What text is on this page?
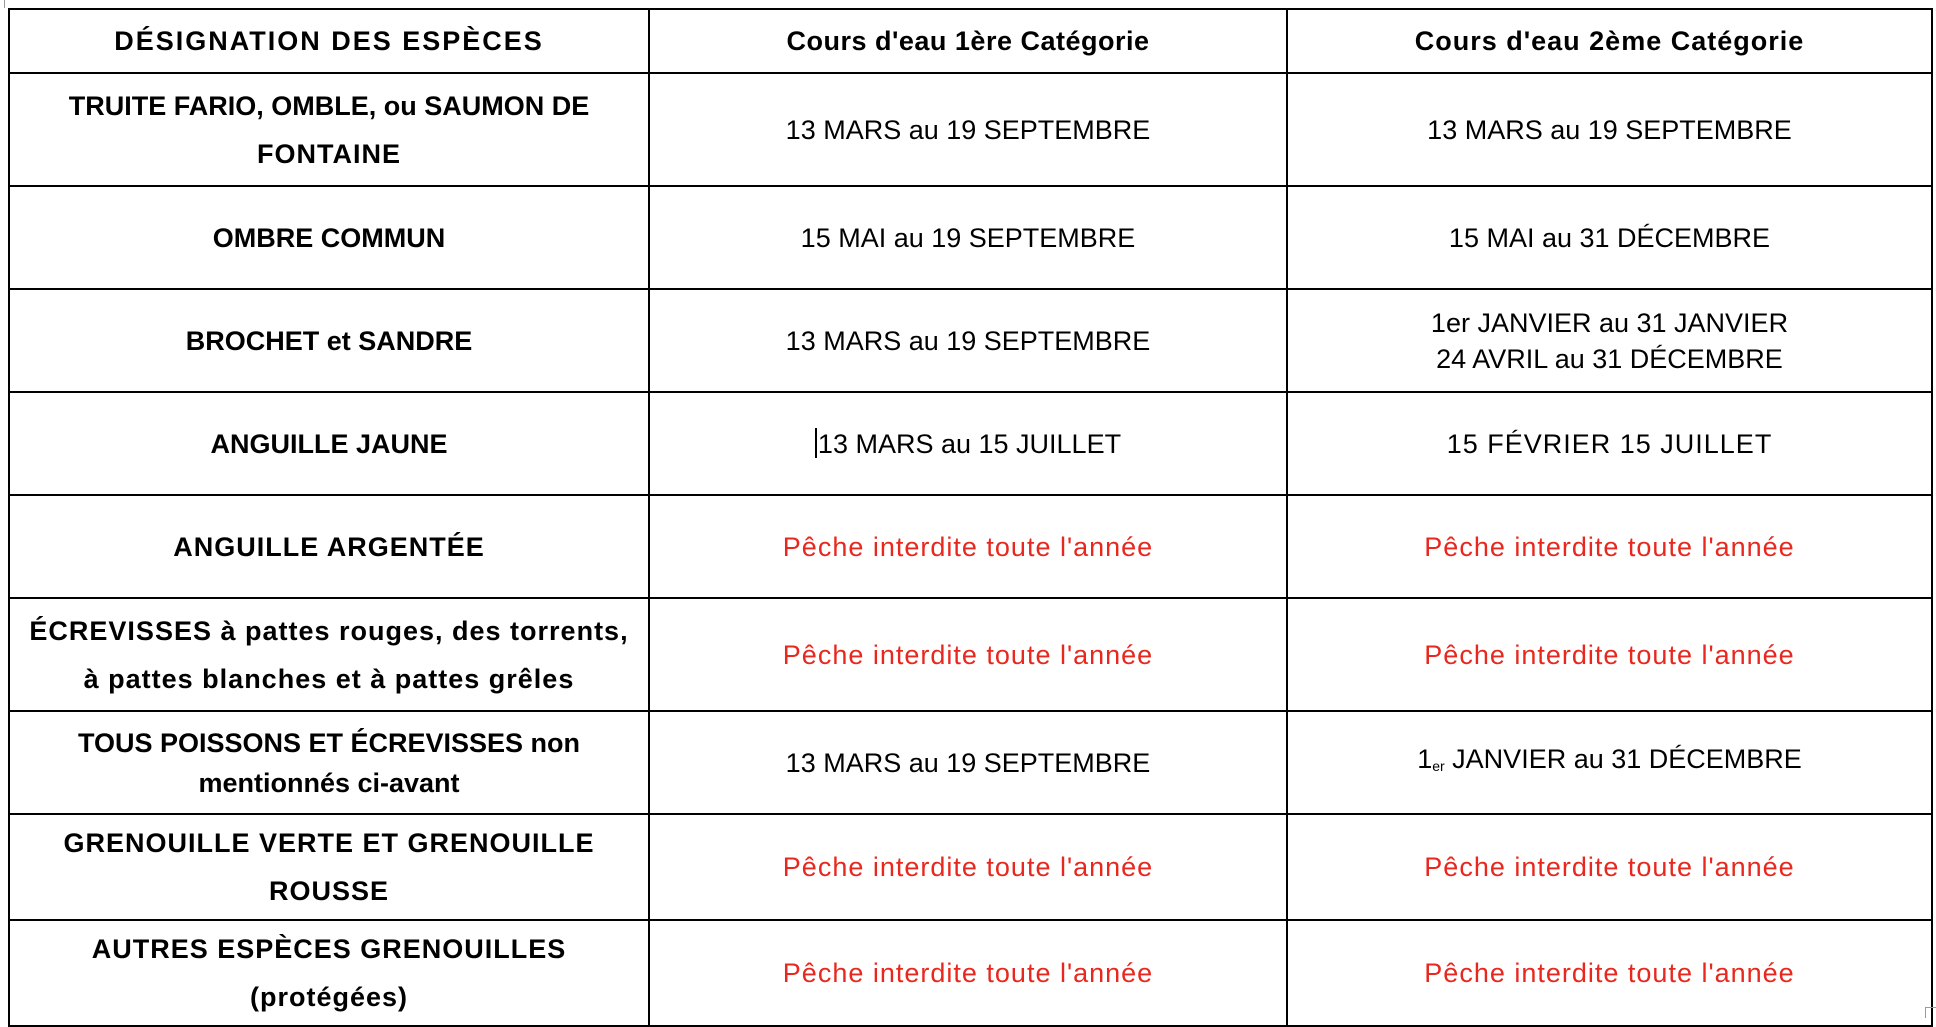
DÉSIGNATION DES ESPÈCES	Cours d'eau 1ère Catégorie	Cours d'eau 2ème Catégorie

TRUITE FARIO, OMBLE, ou SAUMON DE
FONTAINE	13 MARS au 19 SEPTEMBRE	13 MARS au 19 SEPTEMBRE
OMBRE COMMUN	15 MAI au 19 SEPTEMBRE	15 MAI au 31 DÉCEMBRE
BROCHET et SANDRE	13 MARS au 19 SEPTEMBRE	1er JANVIER au 31 JANVIER
24 AVRIL au 31 DÉCEMBRE

ANGUILLE JAUNE	13 MARS au 15 JUILLET	15 FÉVRIER 15 JUILLET
ANGUILLE ARGENTÉE	Pêche interdite toute l'année	Pêche interdite toute l'année

ÉCREVISSES à pattes rouges, des torrents,
à pattes blanches et à pattes grêles	Pêche interdite toute l'année	Pêche interdite toute l'année

TOUS POISSONS ET ÉCREVISSES non
mentionnés ci-avant	13 MARS au 19 SEPTEMBRE	1er JANVIER au 31 DÉCEMBRE
GRENOUILLE VERTE ET GRENOUILLE ROUSSE	Pêche interdite toute l'année	Pêche interdite toute l'année
AUTRES ESPÈCES GRENOUILLES (protégées)	Pêche interdite toute l'année	Pêche interdite toute l'année
